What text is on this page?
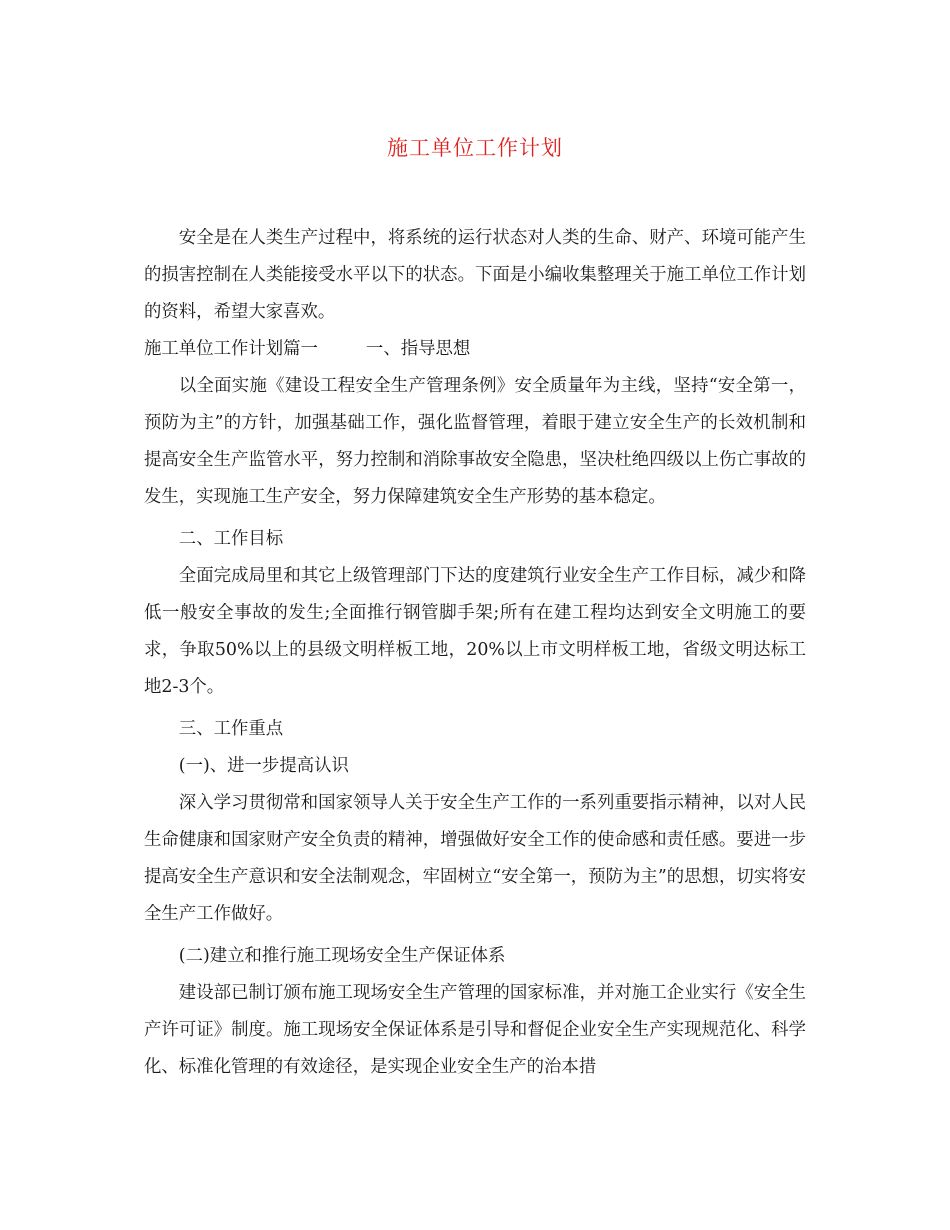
施工单位工作计划

安全是在人类生产过程中，将系统的运行状态对人类的生命、财产、环境可能产生的损害控制在人类能接受水平以下的状态。下面是小编收集整理关于施工单位工作计划的资料，希望大家喜欢。

施工单位工作计划篇一	一、指导思想

以全面实施《建设工程安全生产管理条例》安全质量年为主线，坚持“安全第一，预防为主”的方针，加强基础工作，强化监督管理，着眼于建立安全生产的长效机制和提高安全生产监管水平，努力控制和消除事故安全隐患，坚决杜绝四级以上伤亡事故的发生，实现施工生产安全，努力保障建筑安全生产形势的基本稳定。

二、工作目标

全面完成局里和其它上级管理部门下达的度建筑行业安全生产工作目标，减少和降低一般安全事故的发生;全面推行钢管脚手架;所有在建工程均达到安全文明施工的要求，争取50%以上的县级文明样板工地，20%以上市文明样板工地，省级文明达标工地2-3个。

三、工作重点

(一)、进一步提高认识

深入学习贯彻常和国家领导人关于安全生产工作的一系列重要指示精神，以对人民生命健康和国家财产安全负责的精神，增强做好安全工作的使命感和责任感。要进一步提高安全生产意识和安全法制观念，牢固树立“安全第一，预防为主”的思想，切实将安全生产工作做好。

(二)建立和推行施工现场安全生产保证体系

建设部已制订颁布施工现场安全生产管理的国家标准，并对施工企业实行《安全生产许可证》制度。施工现场安全保证体系是引导和督促企业安全生产实现规范化、科学化、标准化管理的有效途径，是实现企业安全生产的治本措
